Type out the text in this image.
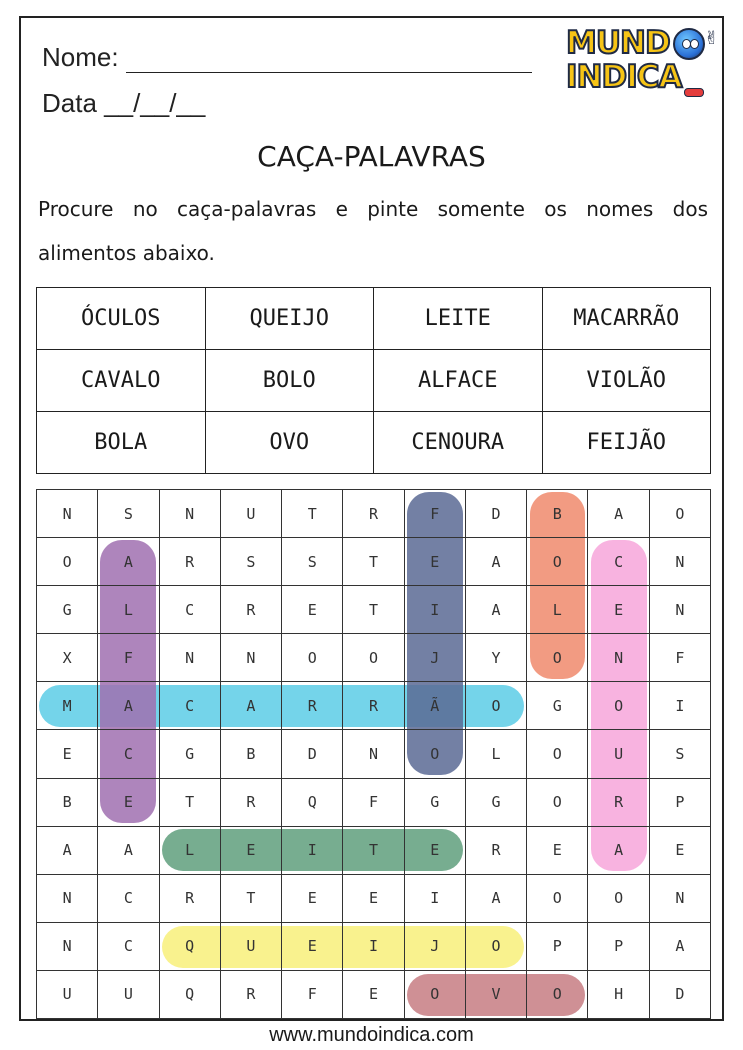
Nome:
Data __/__/__
MUND ✌
INDICA
CAÇA-PALAVRAS
Procure no caça-palavras e pinte somente os nomes dos
alimentos abaixo.
ÓCULOS	QUEIJO	LEITE	MACARRÃO
CAVALO	BOLO	ALFACE	VIOLÃO
BOLA	OVO	CENOURA	FEIJÃO
N	S	N	U	T	R	F	D	B	A	O
O	A	R	S	S	T	E	A	O	C	N
G	L	C	R	E	T	I	A	L	E	N
X	F	N	N	O	O	J	Y	O	N	F
M	A	C	A	R	R	Ã	O	G	O	I
E	C	G	B	D	N	O	L	O	U	S
B	E	T	R	Q	F	G	G	O	R	P
A	A	L	E	I	T	E	R	E	A	E
N	C	R	T	E	E	I	A	O	O	N
N	C	Q	U	E	I	J	O	P	P	A
U	U	Q	R	F	E	O	V	O	H	D
www.mundoindica.com
